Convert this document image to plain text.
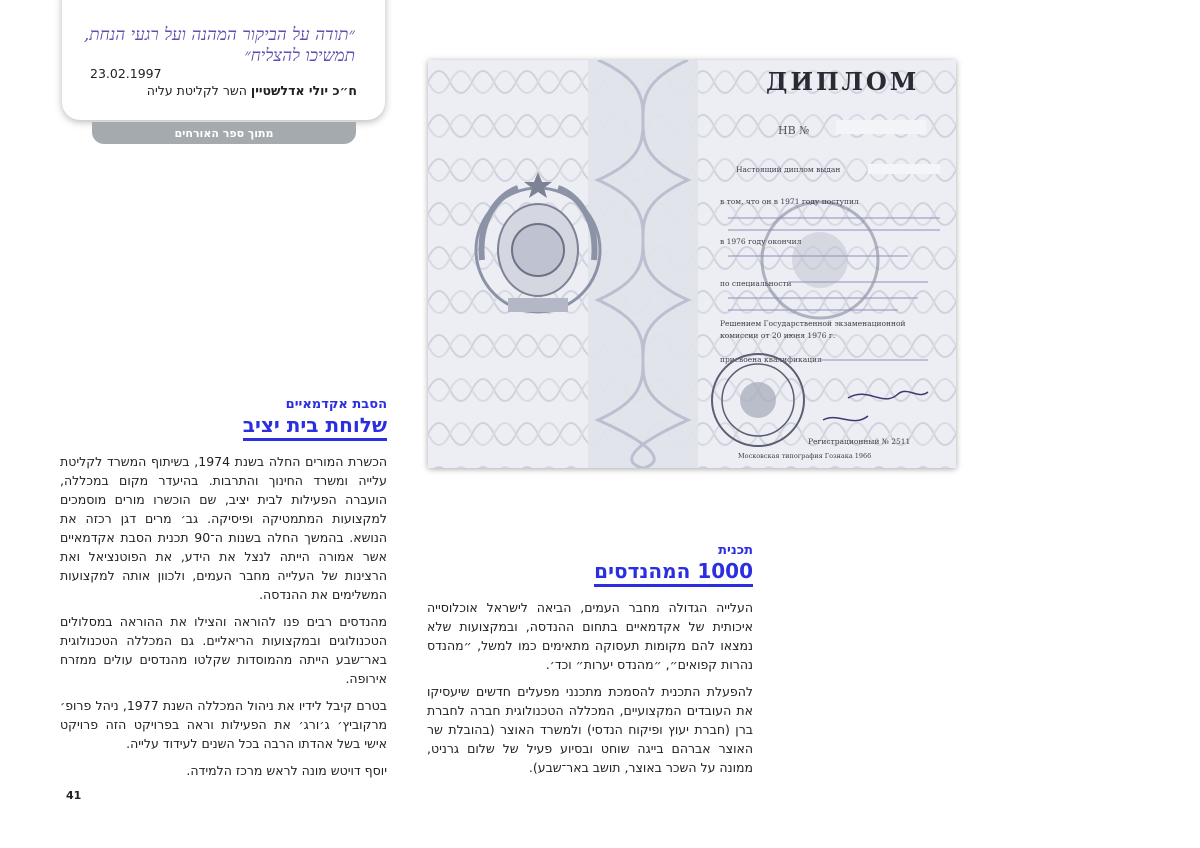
״תודה על הביקור המהנה ועל רגעי הנחת, תמשיכו להצליח״

23.02.1997

ח״כ יולי אדלשטיין השר לקליטת עליה

מתוך ספר האורחים
ДИПЛОМ
НВ №
Настоящий диплом выдан
в том, что он в 1971 году поступил
в 1976 году окончил
по специальности
Решением Государственной экзаменационной
комиссии от 20 июня 1976 г.
присвоена квалификация
Регистрационный № 2511
Московская типография Гознака 1966
הסבת אקדמאיים
שלוחת בית יציב

הכשרת המורים החלה בשנת 1974, בשיתוף המשרד לקליטת עלייה ומשרד החינוך והתרבות. בהיעדר מקום במכללה, הועברה הפעילות לבית יציב, שם הוכשרו מורים מוסמכים למקצועות המתמטיקה ופיסיקה. גב׳ מרים דגן רכזה את הנושא. בהמשך החלה בשנות ה־90 תכנית הסבת אקדמאיים אשר אמורה הייתה לנצל את הידע, את הפוטנציאל ואת הרצינות של העלייה מחבר העמים, ולכוון אותה למקצועות המשלימים את ההנדסה.

מהנדסים רבים פנו להוראה והצילו את ההוראה במסלולים הטכנולוגים ובמקצועות הריאליים. גם המכללה הטכנולוגית באר־שבע הייתה מהמוסדות שקלטו מהנדסים עולים ממזרח אירופה.

בטרם קיבל לידיו את ניהול המכללה השנת 1977, ניהל פרופ׳ מרקוביץ׳ ג׳ורג׳ את הפעילות וראה בפרויקט הזה פרויקט אישי בשל אהדתו הרבה בכל השנים לעידוד עלייה.

יוסף דויטש מונה לראש מרכז הלמידה.

תכנית
1000 המהנדסים

העלייה הגדולה מחבר העמים, הביאה לישראל אוכלוסייה איכותית של אקדמאיים בתחום ההנדסה, ובמקצועות שלא נמצאו להם מקומות תעסוקה מתאימים כמו למשל, ״מהנדס נהרות קפואים״, ״מהנדס יערות״ וכד׳.

להפעלת התכנית להסמכת מתכנני מפעלים חדשים שיעסיקו את העובדים המקצועיים, המכללה הטכנולוגית חברה לחברת ברן (חברת יעוץ ופיקוח הנדסי) ולמשרד האוצר (בהובלת שר האוצר אברהם בייגה שוחט ובסיוע פעיל של שלום גרניט, ממונה על השכר באוצר, תושב באר־שבע).

41
